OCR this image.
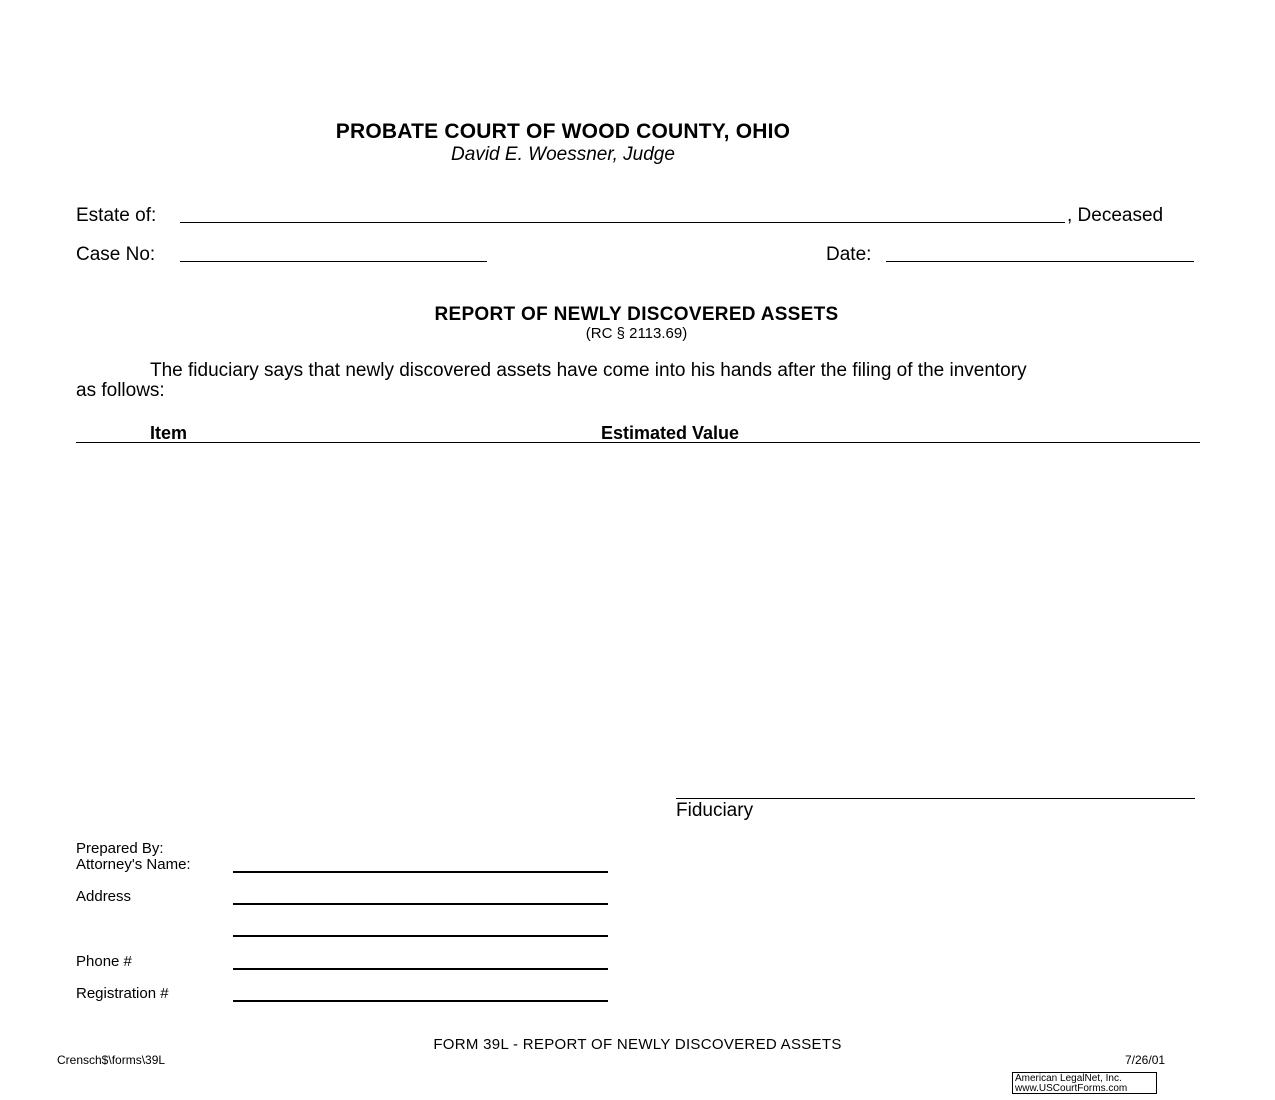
PROBATE COURT OF WOOD COUNTY, OHIO
David E. Woessner, Judge
Estate of:	, Deceased
Case No:	Date:
REPORT OF NEWLY DISCOVERED ASSETS
(RC § 2113.69)
The fiduciary says that newly discovered assets have come into his hands after the filing of the inventory
as follows:
Item	Estimated Value
Fiduciary
Prepared By:
Attorney's Name:
Address
Phone #
Registration #
FORM 39L - REPORT OF NEWLY DISCOVERED ASSETS
Crensch$\forms\39L	7/26/01
American LegalNet, Inc.
www.USCourtForms.com
